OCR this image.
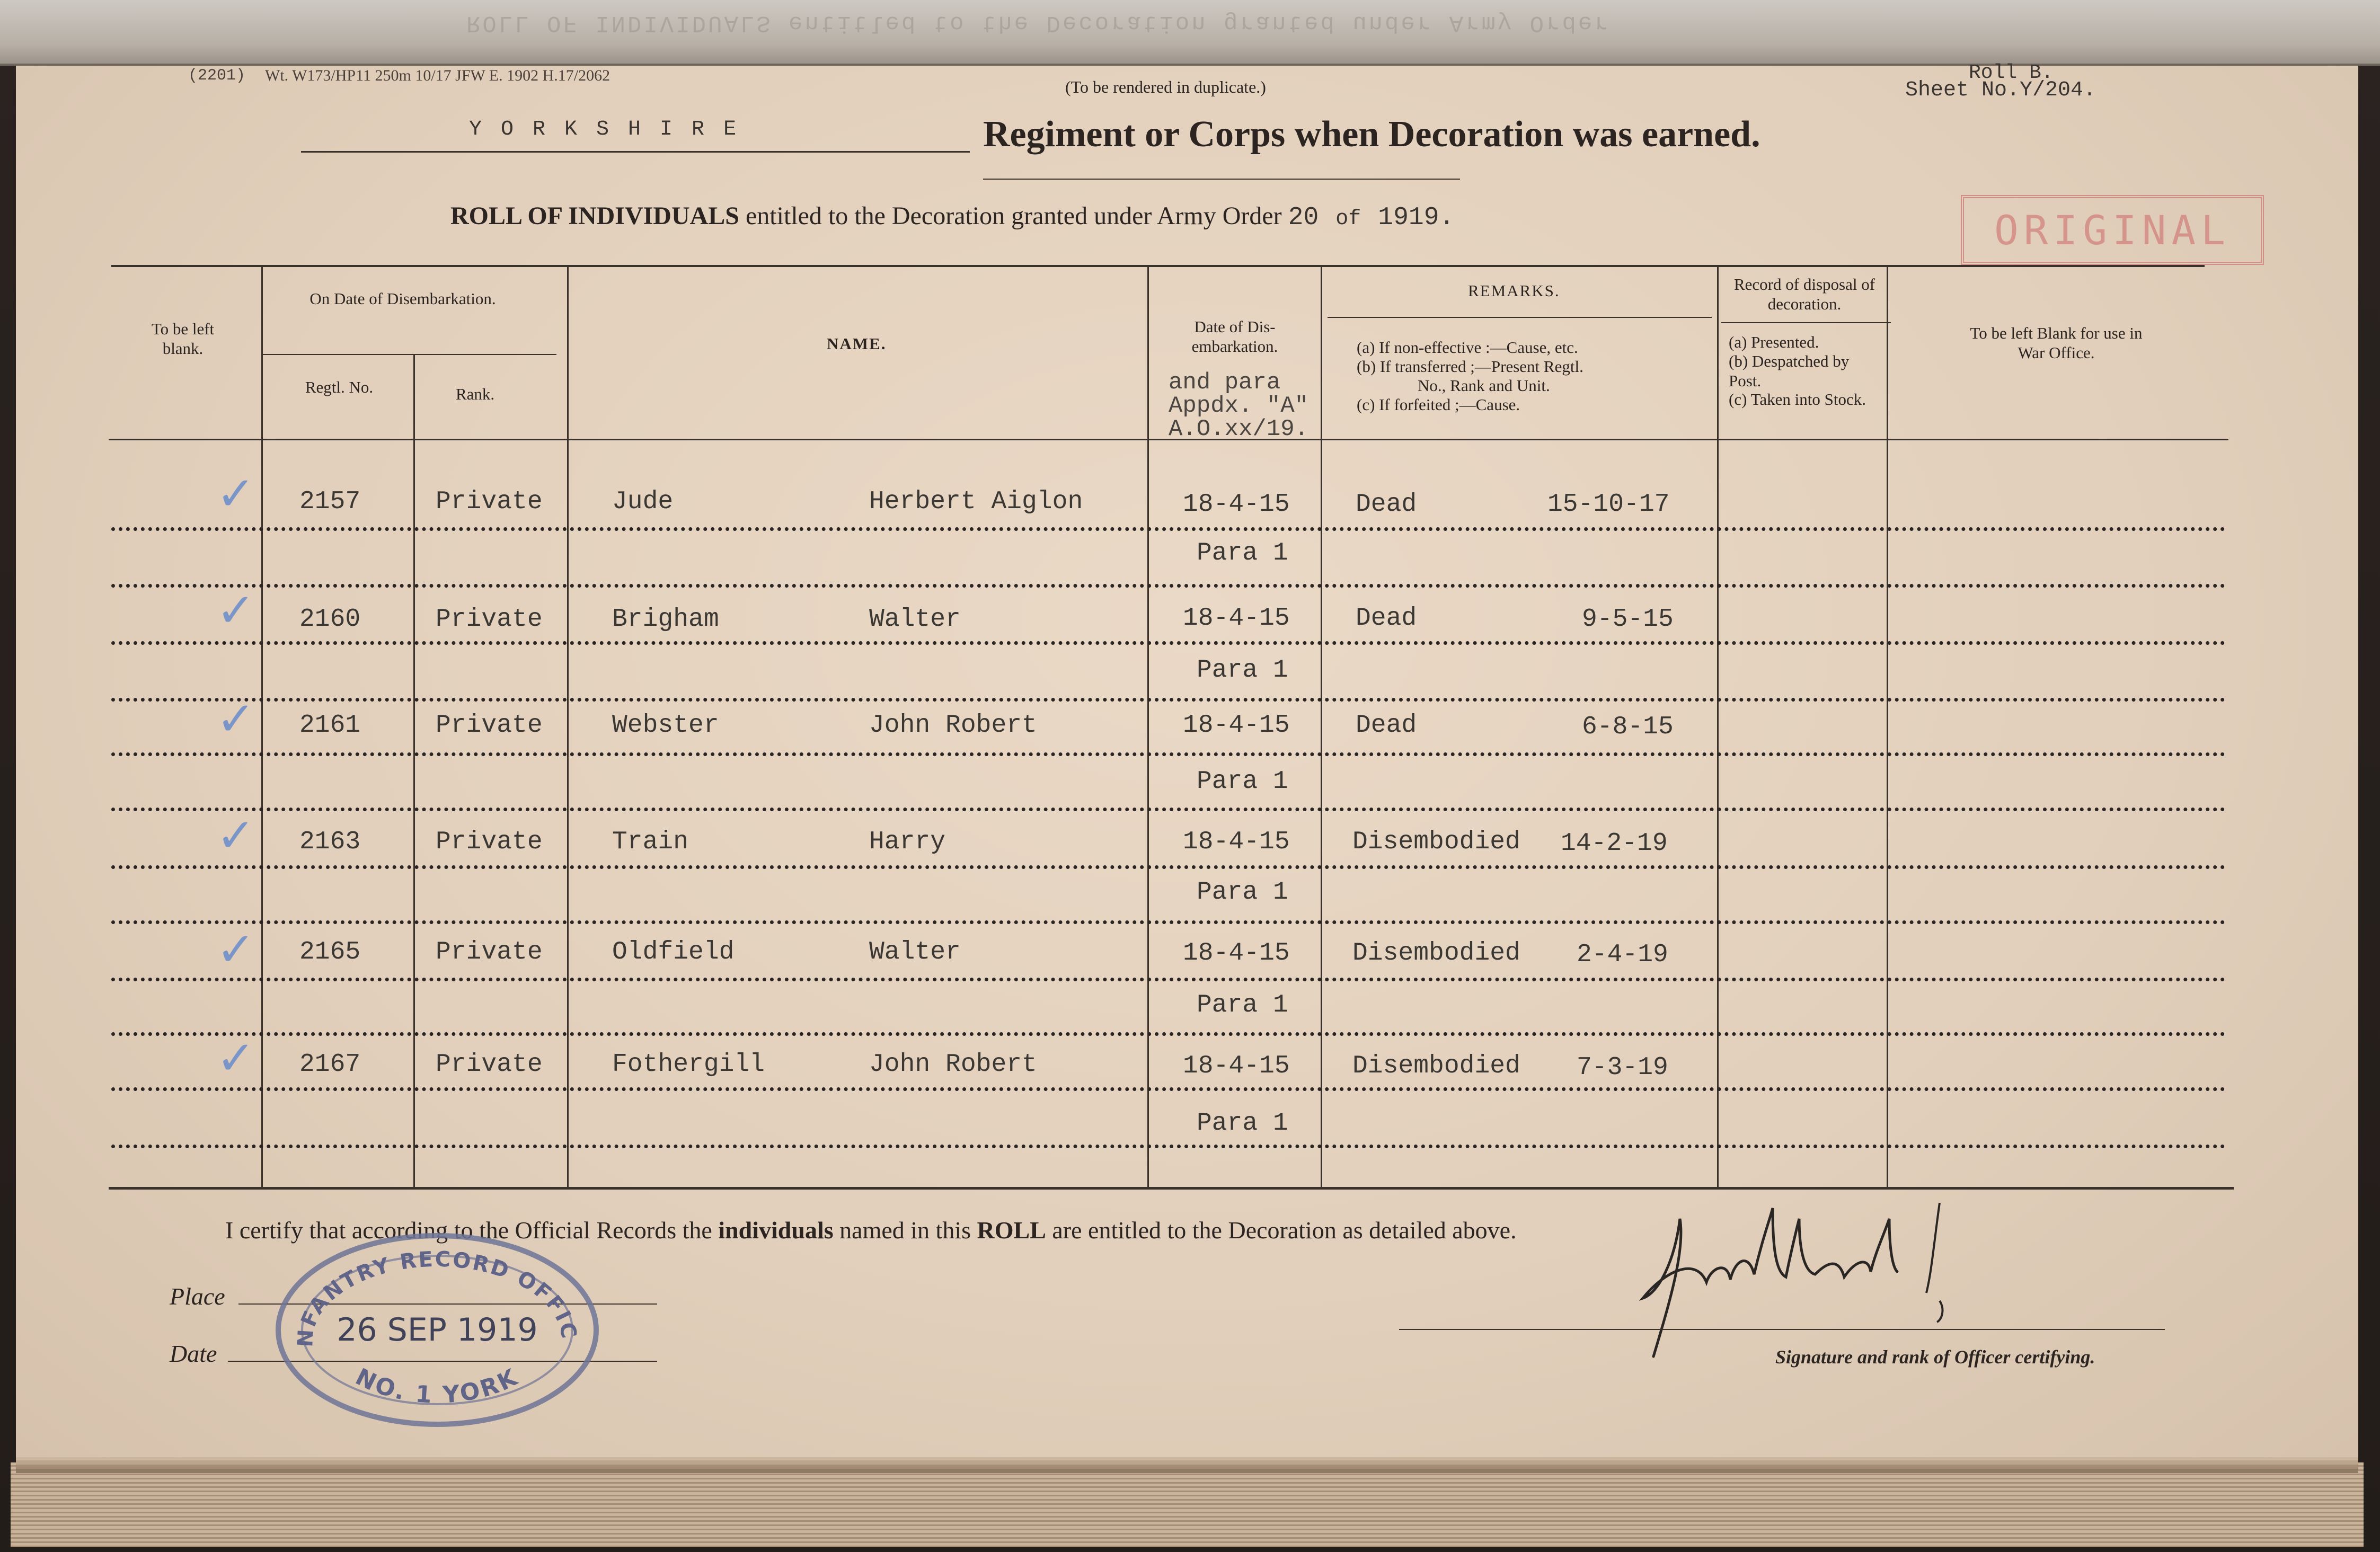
ROLL OF INDIVIDUALS entitled to the Decoration granted under Army Order
(2201) Wt. W173/HP11 250m 10/17 JFW E. 1902 H.17/2062
(To be rendered in duplicate.)
Roll B.
Sheet No.Y/204.
Y O R K S H I R E	Regiment or Corps when Decoration was earned.
ROLL OF INDIVIDUALS entitled to the Decoration granted under Army Order 20 of 1919.	ORIGINAL
To be left blank.
On Date of Disembarkation.
Regtl. No.	Rank.
NAME.
Date of Dis- embarkation.
and para Appdx. "A" A.O.xx/19.
REMARKS.
(a) If non-effective :—Cause, etc.
(b) If transferred ;—Present Regtl.
No., Rank and Unit.
(c) If forfeited ;—Cause.
Record of disposal of decoration.
(a) Presented.
(b) Despatched by Post.
(c) Taken into Stock.
To be left Blank for use in War Office.
✓ 2157	Private	Jude	Herbert Aiglon	18-4-15	Dead	15-10-17
Para 1
✓ 2160	Private	Brigham	Walter	18-4-15	Dead	9-5-15
Para 1
✓ 2161	Private	Webster	John Robert	18-4-15	Dead	6-8-15
Para 1
✓ 2163	Private	Train	Harry	18-4-15 Disembodied 14-2-19
Para 1
✓ 2165	Private	Oldfield	Walter	18-4-15 Disembodied 2-4-19
Para 1
✓ 2167	Private	Fothergill	John Robert	18-4-15 Disembodied 7-3-19
Para 1
I certify that according to the Official Records the individuals named in this ROLL are entitled to the Decoration as detailed above.
Place
Date
NFANTRY RECORD OFFIC
26 SEP 1919
NO. 1 YORK
Signature and rank of Officer certifying.
